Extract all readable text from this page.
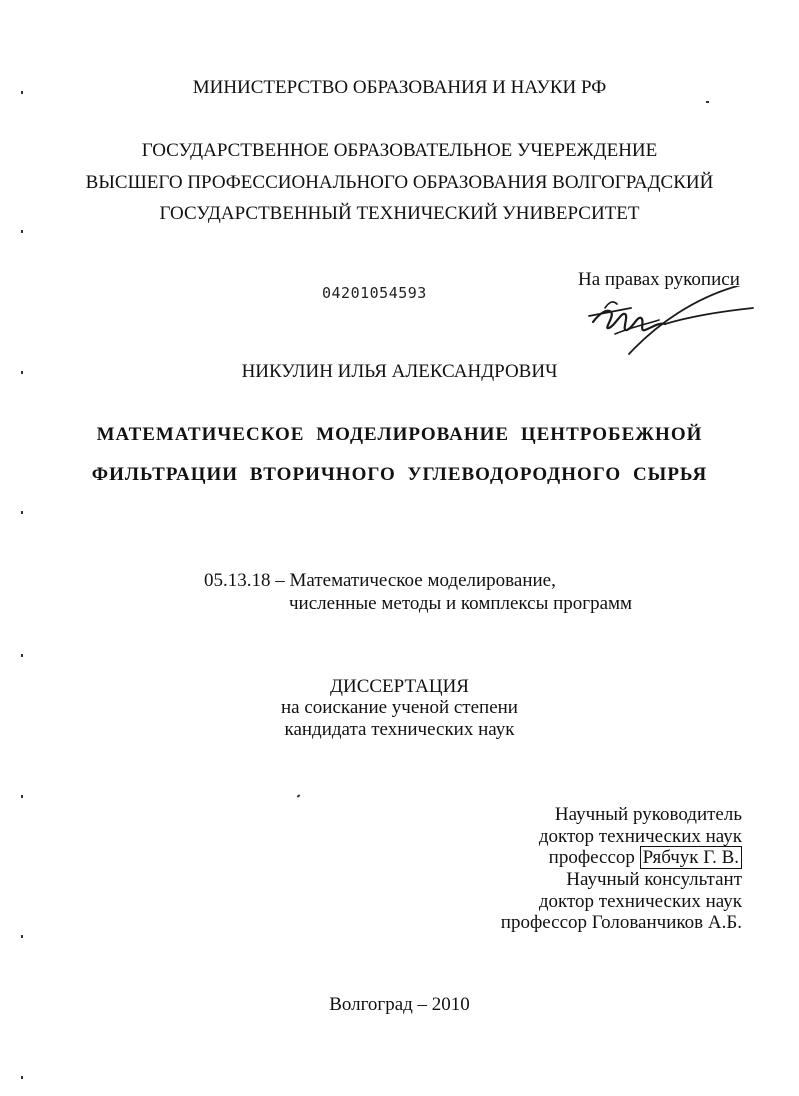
МИНИСТЕРСТВО ОБРАЗОВАНИЯ И НАУКИ РФ
ГОСУДАРСТВЕННОЕ ОБРАЗОВАТЕЛЬНОЕ УЧЕРЕЖДЕНИЕ
ВЫСШЕГО ПРОФЕССИОНАЛЬНОГО ОБРАЗОВАНИЯ ВОЛГОГРАДСКИЙ
ГОСУДАРСТВЕННЫЙ ТЕХНИЧЕСКИЙ УНИВЕРСИТЕТ
04201054593
На правах рукописи
НИКУЛИН ИЛЬЯ АЛЕКСАНДРОВИЧ
МАТЕМАТИЧЕСКОЕ МОДЕЛИРОВАНИЕ ЦЕНТРОБЕЖНОЙ
ФИЛЬТРАЦИИ ВТОРИЧНОГО УГЛЕВОДОРОДНОГО СЫРЬЯ
05.13.18 – Математическое моделирование,
численные методы и комплексы программ
ДИССЕРТАЦИЯ
на соискание ученой степени
кандидата технических наук
Научный руководитель
доктор технических наук
профессор Рябчук Г. В.
Научный консультант
доктор технических наук
профессор Голованчиков А.Б.
Волгоград – 2010
